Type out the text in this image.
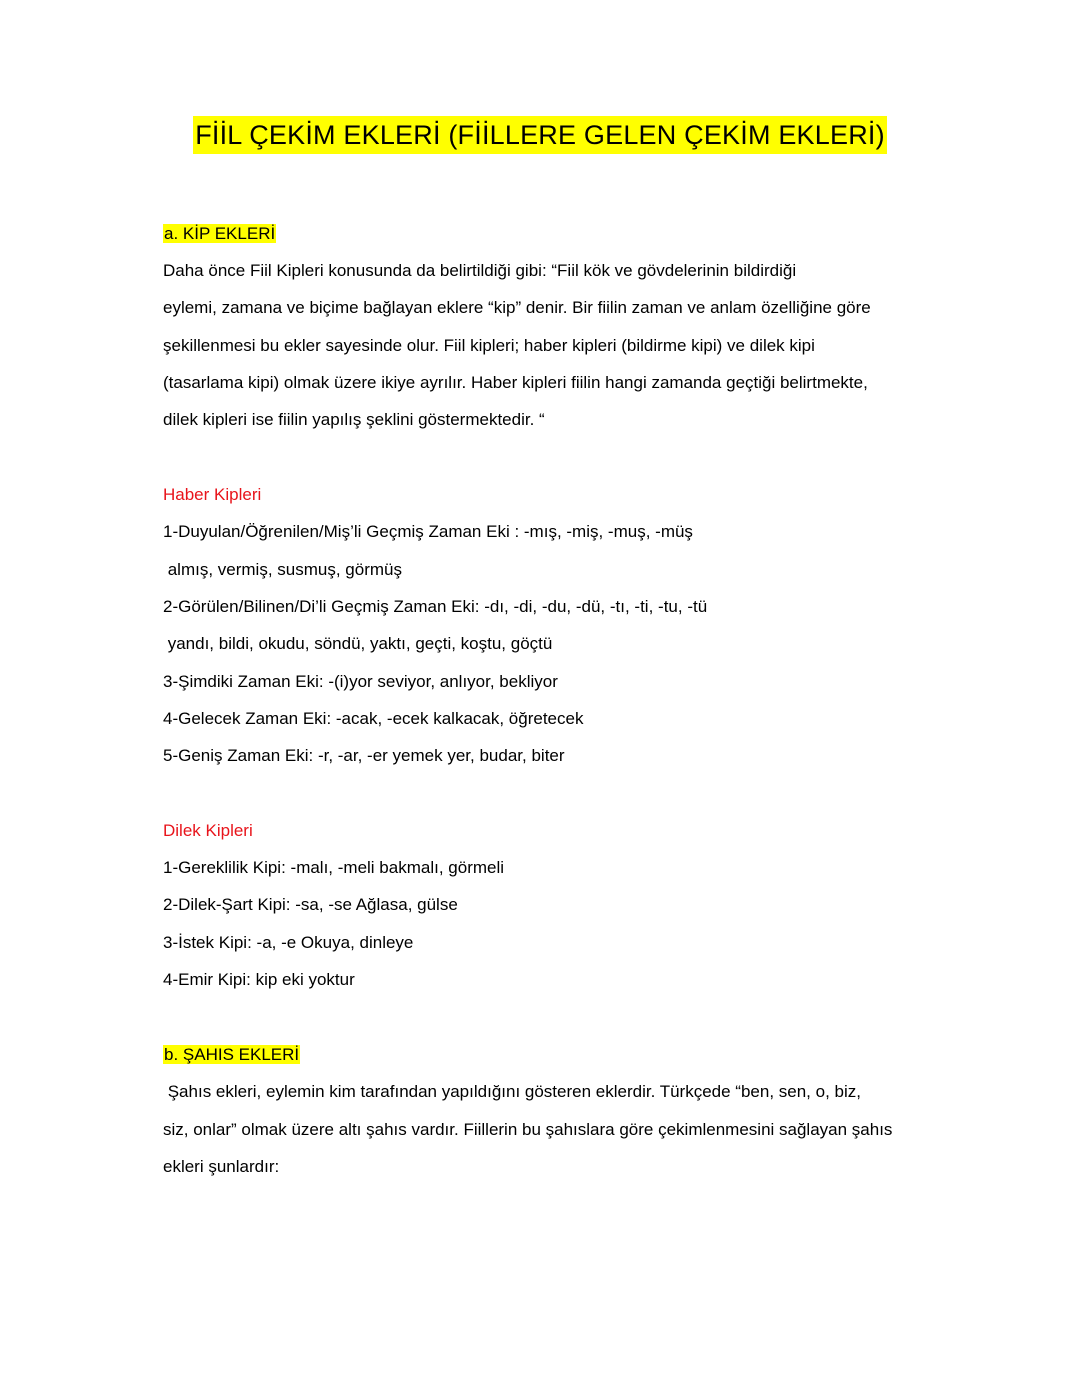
FİİL ÇEKİM EKLERİ (FİİLLERE GELEN ÇEKİM EKLERİ)
a. KİP EKLERİ
Daha önce Fiil Kipleri konusunda da belirtildiği gibi: “Fiil kök ve gövdelerinin bildirdiği
eylemi, zamana ve biçime bağlayan eklere “kip” denir. Bir fiilin zaman ve anlam özelliğine göre
şekillenmesi bu ekler sayesinde olur. Fiil kipleri; haber kipleri (bildirme kipi) ve dilek kipi
(tasarlama kipi) olmak üzere ikiye ayrılır. Haber kipleri fiilin hangi zamanda geçtiği belirtmekte,
dilek kipleri ise fiilin yapılış şeklini göstermektedir. “
Haber Kipleri
1-Duyulan/Öğrenilen/Miş’li Geçmiş Zaman Eki : -mış, -miş, -muş, -müş
almış, vermiş, susmuş, görmüş
2-Görülen/Bilinen/Di’li Geçmiş Zaman Eki: -dı, -di, -du, -dü, -tı, -ti, -tu, -tü
yandı, bildi, okudu, söndü, yaktı, geçti, koştu, göçtü
3-Şimdiki Zaman Eki: -(i)yor seviyor, anlıyor, bekliyor
4-Gelecek Zaman Eki: -acak, -ecek kalkacak, öğretecek
5-Geniş Zaman Eki: -r, -ar, -er yemek yer, budar, biter
Dilek Kipleri
1-Gereklilik Kipi: -malı, -meli bakmalı, görmeli
2-Dilek-Şart Kipi: -sa, -se Ağlasa, gülse
3-İstek Kipi: -a, -e Okuya, dinleye
4-Emir Kipi: kip eki yoktur
b. ŞAHIS EKLERİ
Şahıs ekleri, eylemin kim tarafından yapıldığını gösteren eklerdir. Türkçede “ben, sen, o, biz,
siz, onlar” olmak üzere altı şahıs vardır. Fiillerin bu şahıslara göre çekimlenmesini sağlayan şahıs
ekleri şunlardır:
